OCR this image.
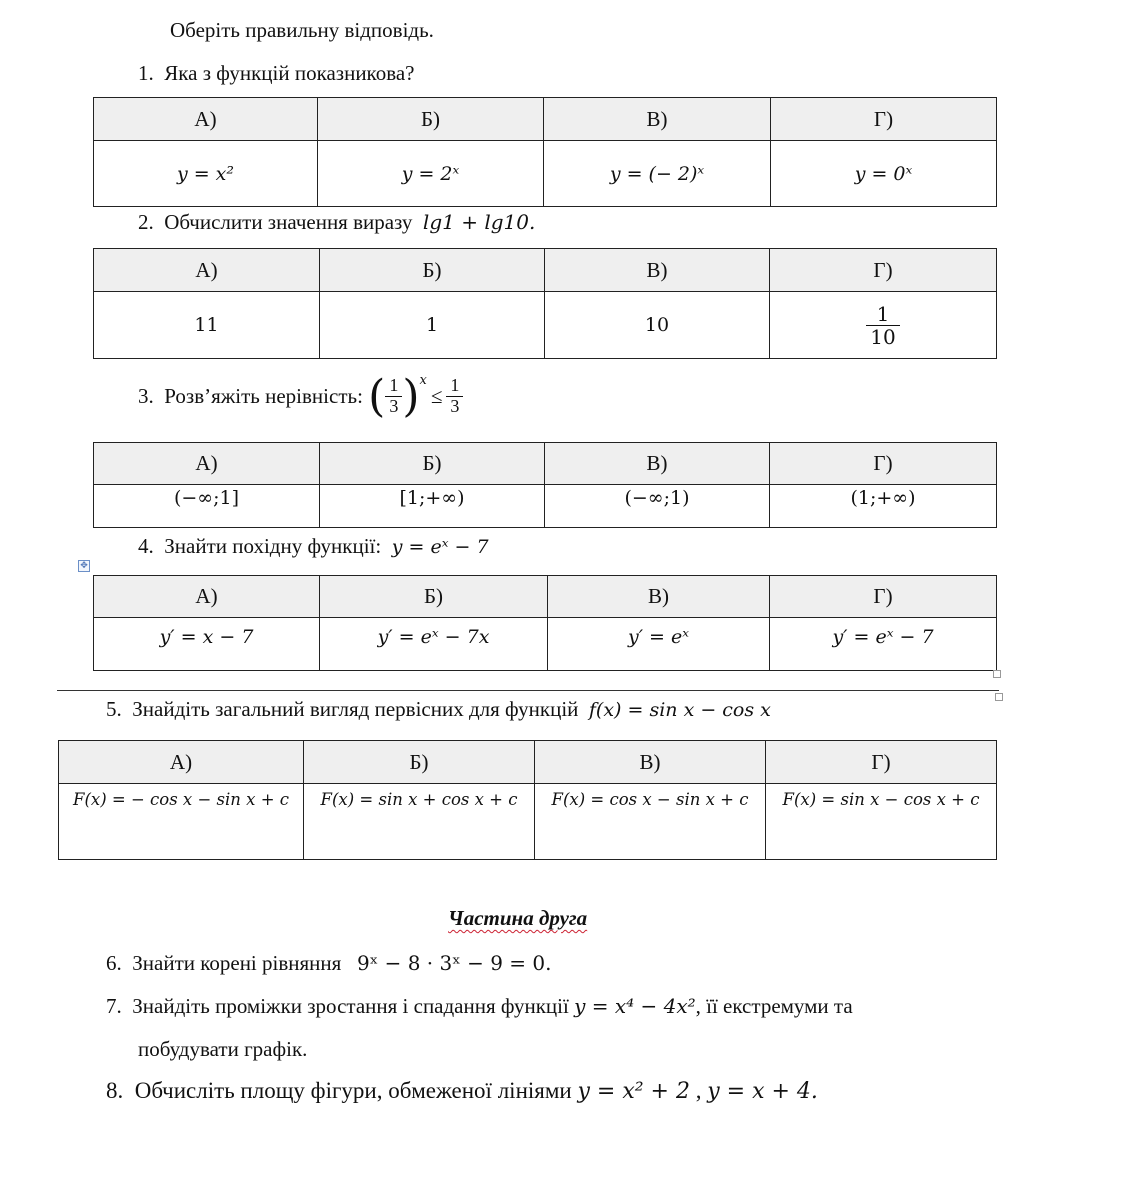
Оберіть правильну відповідь.
1. Яка з функцій показникова?
А)	Б)	В)	Г)
y = x²	y = 2ˣ	y = (− 2)ˣ	y = 0ˣ
2. Обчислити значення виразу lg1 + lg10.
А)	Б)	В)	Г)
11	1	10	$\frac{1}{10}$
3.
Розв’яжіть нерівність:
( $\frac{1}{3}$ ) x
≤ $\frac{1}{3}$
А)	Б)	В)	Г)
(−∞;1]	[1;+∞)	(−∞;1)	(1;+∞)
4. Знайти похідну функції: y = eˣ − 7
✥
А)	Б)	В)	Г)
y′ = x − 7	y′ = eˣ − 7x	y′ = eˣ	y′ = eˣ − 7
5. Знайдіть загальний вигляд первісних для функцій f(x) = sin x − cos x
А)	Б)	В)	Г)
F(x) = − cos x − sin x + c	F(x) = sin x + cos x + c	F(x) = cos x − sin x + c	F(x) = sin x − cos x + c
Частина друга
6. Знайти корені рівняння 9ˣ − 8 · 3ˣ − 9 = 0.
7. Знайдіть проміжки зростання і спадання функції y = x⁴ − 4x², її екстремуми та
побудувати графік.
8. Обчисліть площу фігури, обмеженої лініями y = x² + 2 , y = x + 4.
